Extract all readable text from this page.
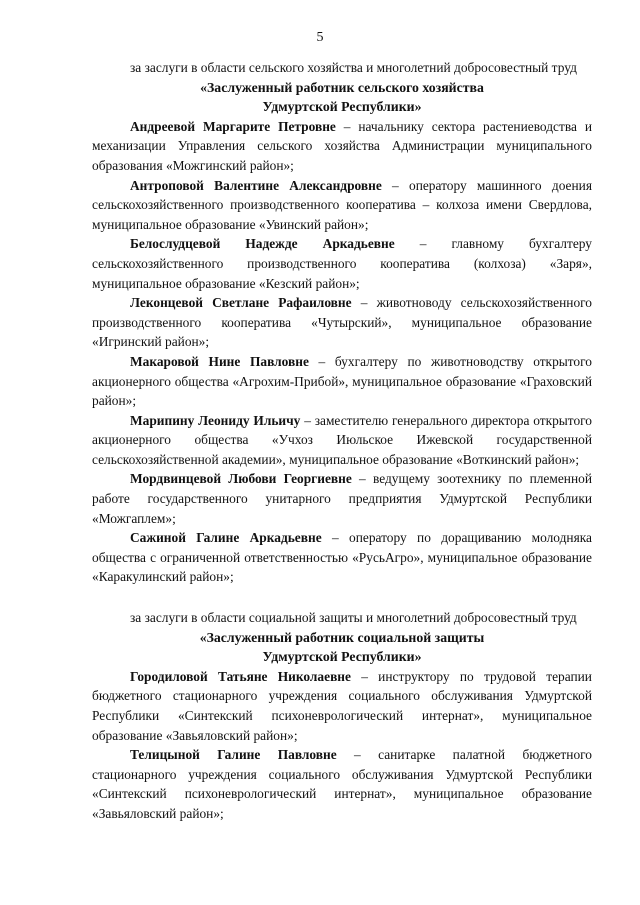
5

за заслуги в области сельского хозяйства и многолетний добросовестный труд

«Заслуженный работник сельского хозяйства
Удмуртской Республики»

Андреевой Маргарите Петровне – начальнику сектора растениеводства и механизации Управления сельского хозяйства Администрации муниципального образования «Можгинский район»;

Антроповой Валентине Александровне – оператору машинного доения сельскохозяйственного производственного кооператива – колхоза имени Свердлова, муниципальное образование «Увинский район»;

Белослудцевой Надежде Аркадьевне – главному бухгалтеру сельскохозяйственного производственного кооператива (колхоза) «Заря», муниципальное образование «Кезский район»;

Леконцевой Светлане Рафаиловне – животноводу сельскохозяйственного производственного кооператива «Чутырский», муниципальное образование «Игринский район»;

Макаровой Нине Павловне – бухгалтеру по животноводству открытого акционерного общества «Агрохим-Прибой», муниципальное образование «Граховский район»;

Марипину Леониду Ильичу – заместителю генерального директора открытого акционерного общества «Учхоз Июльское Ижевской государственной сельскохозяйственной академии», муниципальное образование «Воткинский район»;

Мордвинцевой Любови Георгиевне – ведущему зоотехнику по племенной работе государственного унитарного предприятия Удмуртской Республики «Можгаплем»;

Сажиной Галине Аркадьевне – оператору по доращиванию молодняка общества с ограниченной ответственностью «РусьАгро», муниципальное образование «Каракулинский район»;

за заслуги в области социальной защиты и многолетний добросовестный труд

«Заслуженный работник социальной защиты
Удмуртской Республики»

Городиловой Татьяне Николаевне – инструктору по трудовой терапии бюджетного стационарного учреждения социального обслуживания Удмуртской Республики «Синтекский психоневрологический интернат», муниципальное образование «Завьяловский район»;

Телицыной Галине Павловне – санитарке палатной бюджетного стационарного учреждения социального обслуживания Удмуртской Республики «Синтекский психоневрологический интернат», муниципальное образование «Завьяловский район»;
